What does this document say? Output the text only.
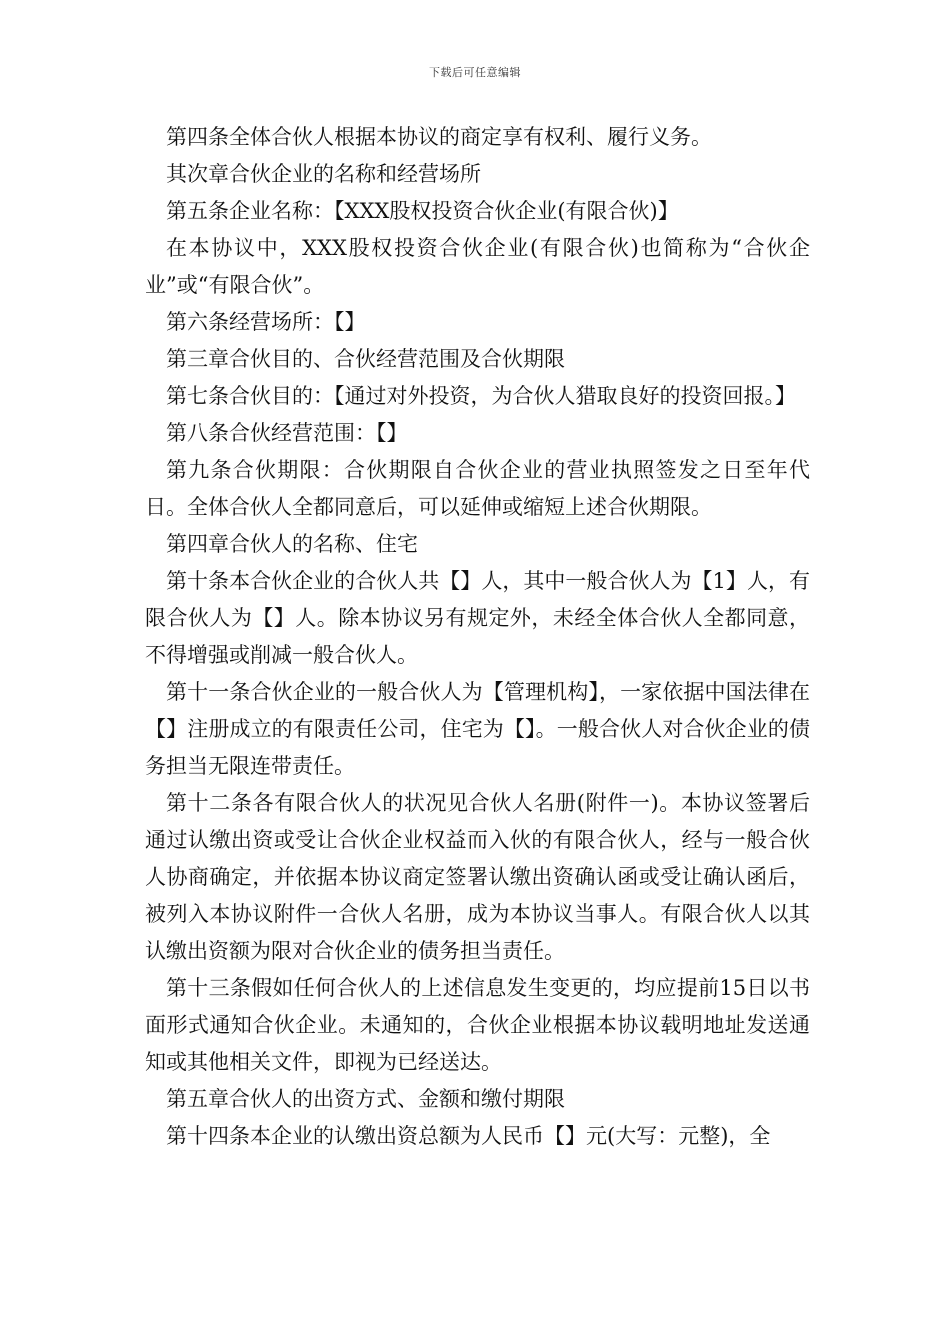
下载后可任意编辑

第四条全体合伙人根据本协议的商定享有权利、履行义务。

其次章合伙企业的名称和经营场所

第五条企业名称：【XXX股权投资合伙企业(有限合伙)】

在本协议中，XXX股权投资合伙企业(有限合伙)也简称为“合伙企业”或“有限合伙”。

第六条经营场所：【】

第三章合伙目的、合伙经营范围及合伙期限

第七条合伙目的：【通过对外投资，为合伙人猎取良好的投资回报。】

第八条合伙经营范围：【】

第九条合伙期限：合伙期限自合伙企业的营业执照签发之日至年代日。全体合伙人全都同意后，可以延伸或缩短上述合伙期限。

第四章合伙人的名称、住宅

第十条本合伙企业的合伙人共【】人，其中一般合伙人为【1】人，有限合伙人为【】人。除本协议另有规定外，未经全体合伙人全都同意，不得增强或削减一般合伙人。

第十一条合伙企业的一般合伙人为【管理机构】，一家依据中国法律在【】注册成立的有限责任公司，住宅为【】。一般合伙人对合伙企业的债务担当无限连带责任。

第十二条各有限合伙人的状况见合伙人名册(附件一)。本协议签署后通过认缴出资或受让合伙企业权益而入伙的有限合伙人，经与一般合伙人协商确定，并依据本协议商定签署认缴出资确认函或受让确认函后，被列入本协议附件一合伙人名册，成为本协议当事人。有限合伙人以其认缴出资额为限对合伙企业的债务担当责任。

第十三条假如任何合伙人的上述信息发生变更的，均应提前15日以书面形式通知合伙企业。未通知的，合伙企业根据本协议载明地址发送通知或其他相关文件，即视为已经送达。

第五章合伙人的出资方式、金额和缴付期限

第十四条本企业的认缴出资总额为人民币【】元(大写：元整)，全
